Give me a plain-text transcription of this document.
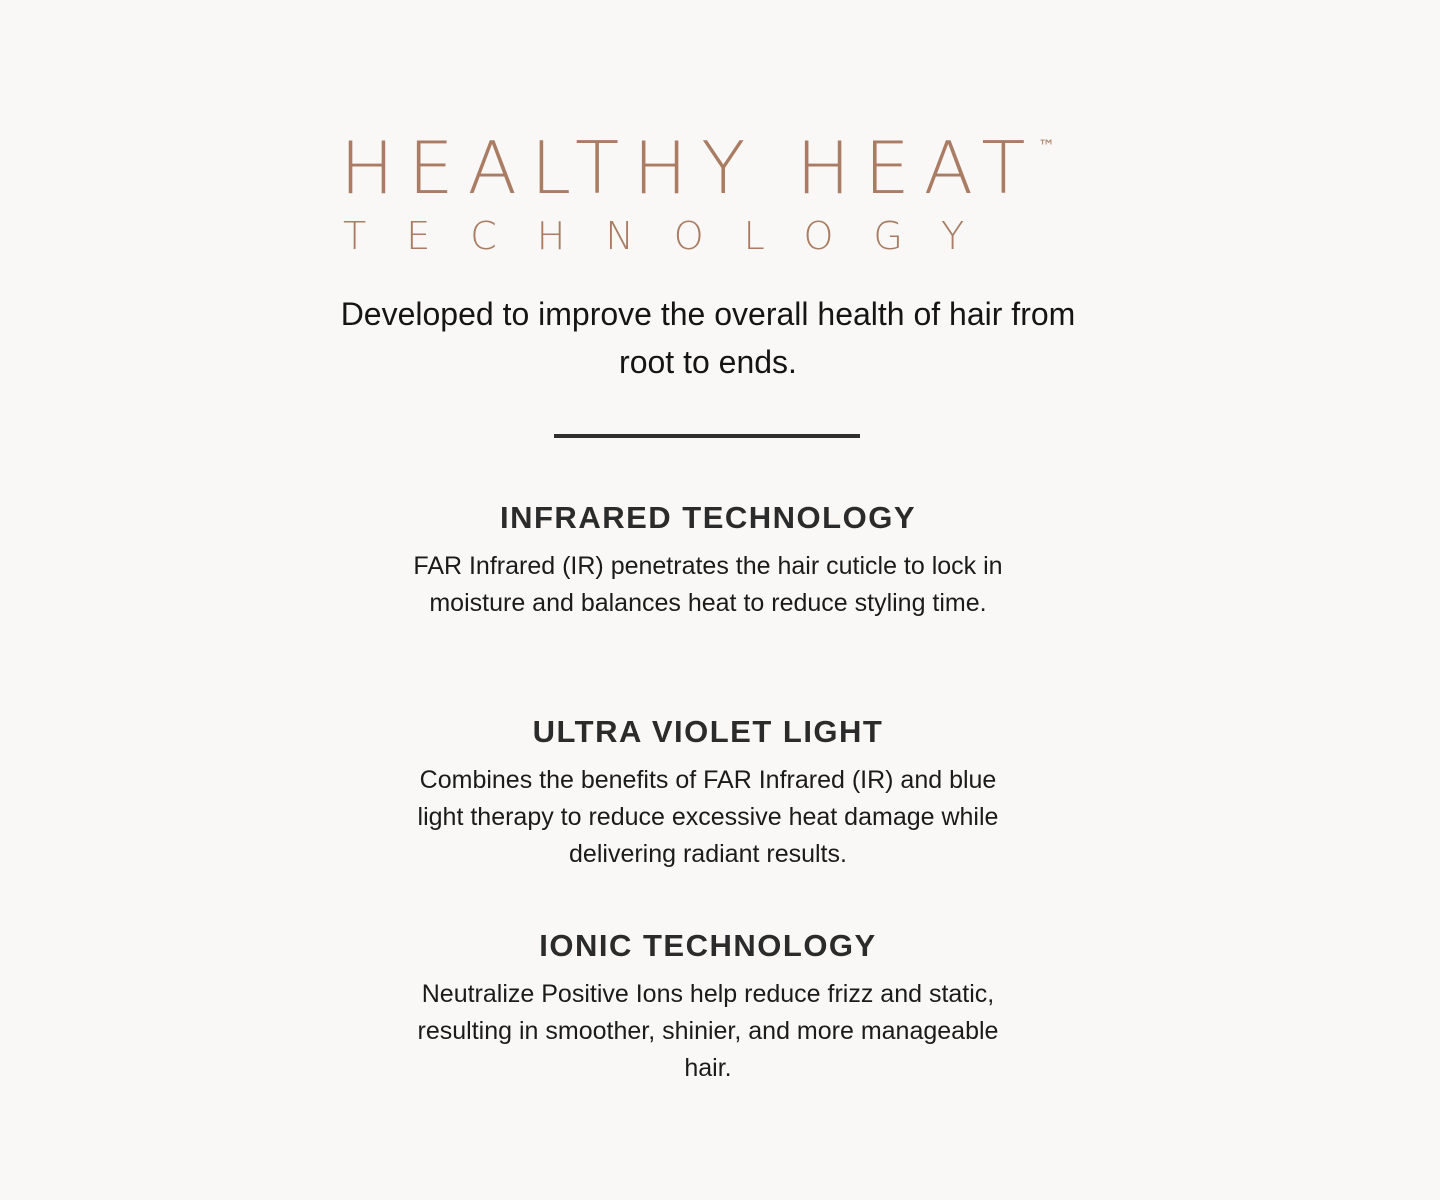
HEALTHY HEAT
™
TECHNOLOGY

Developed to improve the overall health of hair from root to ends.

INFRARED TECHNOLOGY

FAR Infrared (IR) penetrates the hair cuticle to lock in moisture and balances heat to reduce styling time.

ULTRA VIOLET LIGHT

Combines the benefits of FAR Infrared (IR) and blue light therapy to reduce excessive heat damage while delivering radiant results.

IONIC TECHNOLOGY

Neutralize Positive Ions help reduce frizz and static, resulting in smoother, shinier, and more manageable hair.
